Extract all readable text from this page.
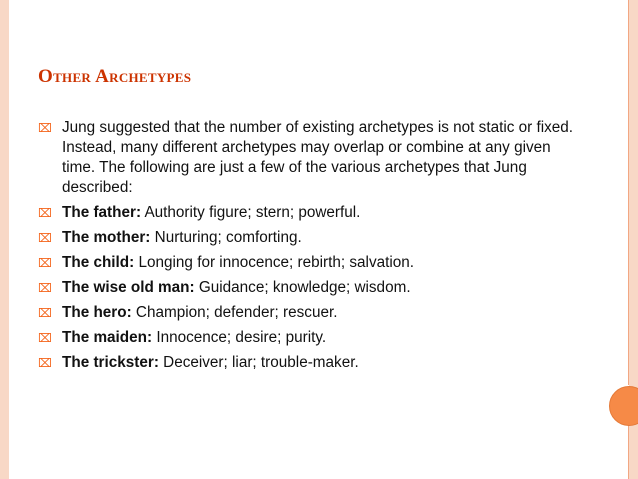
Other Archetypes
⌧ Jung suggested that the number of existing archetypes is not static or fixed. Instead, many different archetypes may overlap or combine at any given time. The following are just a few of the various archetypes that Jung described:
⌧ The father: Authority figure; stern; powerful.
⌧ The mother: Nurturing; comforting.
⌧ The child: Longing for innocence; rebirth; salvation.
⌧ The wise old man: Guidance; knowledge; wisdom.
⌧ The hero: Champion; defender; rescuer.
⌧ The maiden: Innocence; desire; purity.
⌧ The trickster: Deceiver; liar; trouble-maker.
